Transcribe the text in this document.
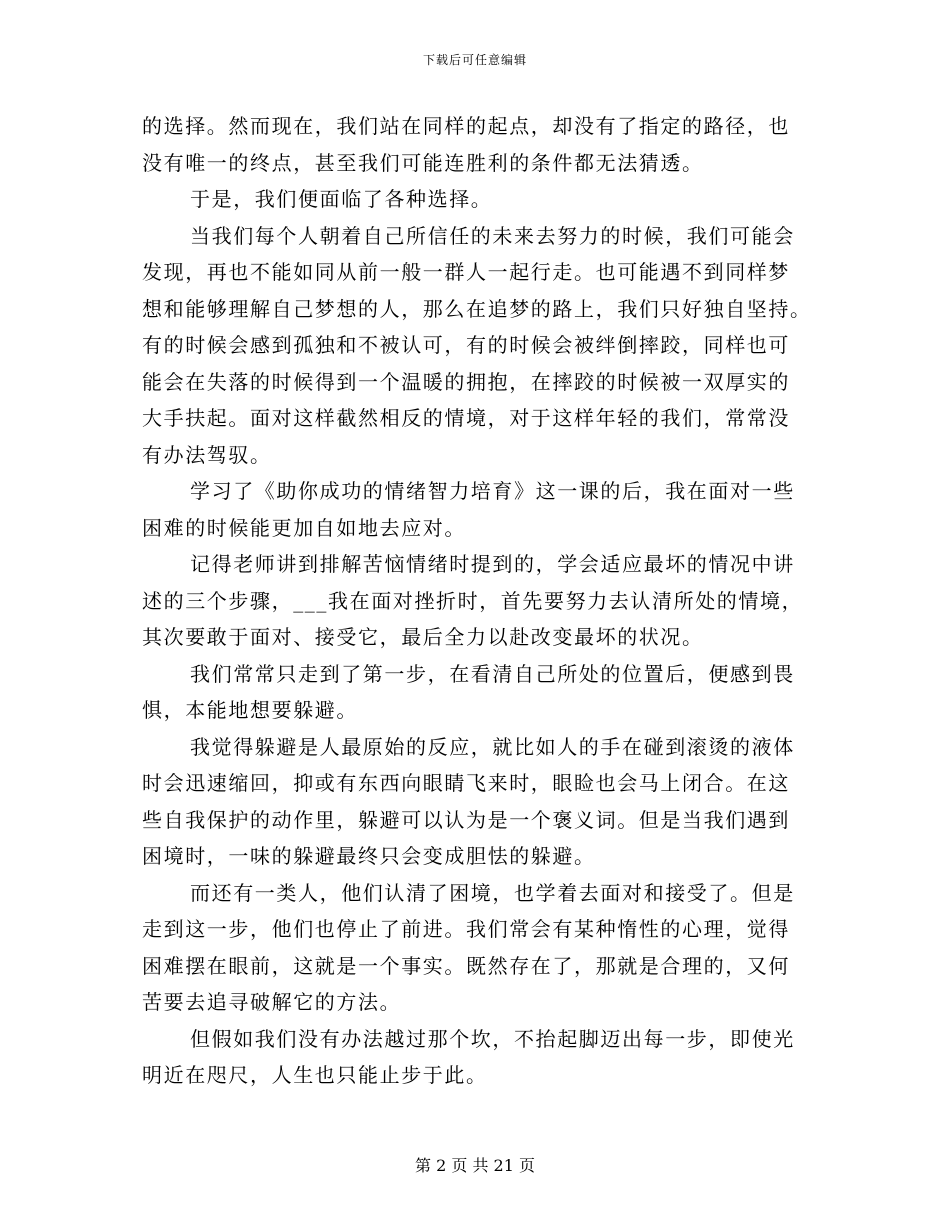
下载后可任意编辑
的选择。然而现在，我们站在同样的起点，却没有了指定的路径，也
没有唯一的终点，甚至我们可能连胜利的条件都无法猜透。
于是，我们便面临了各种选择。
当我们每个人朝着自己所信任的未来去努力的时候，我们可能会
发现，再也不能如同从前一般一群人一起行走。也可能遇不到同样梦
想和能够理解自己梦想的人，那么在追梦的路上，我们只好独自坚持。
有的时候会感到孤独和不被认可，有的时候会被绊倒摔跤，同样也可
能会在失落的时候得到一个温暖的拥抱，在摔跤的时候被一双厚实的
大手扶起。面对这样截然相反的情境，对于这样年轻的我们，常常没
有办法驾驭。
学习了《助你成功的情绪智力培育》这一课的后，我在面对一些
困难的时候能更加自如地去应对。
记得老师讲到排解苦恼情绪时提到的，学会适应最坏的情况中讲
述的三个步骤，___我在面对挫折时，首先要努力去认清所处的情境，
其次要敢于面对、接受它，最后全力以赴改变最坏的状况。
我们常常只走到了第一步，在看清自己所处的位置后，便感到畏
惧，本能地想要躲避。
我觉得躲避是人最原始的反应，就比如人的手在碰到滚烫的液体
时会迅速缩回，抑或有东西向眼睛飞来时，眼睑也会马上闭合。在这
些自我保护的动作里，躲避可以认为是一个褒义词。但是当我们遇到
困境时，一味的躲避最终只会变成胆怯的躲避。
而还有一类人，他们认清了困境，也学着去面对和接受了。但是
走到这一步，他们也停止了前进。我们常会有某种惰性的心理，觉得
困难摆在眼前，这就是一个事实。既然存在了，那就是合理的，又何
苦要去追寻破解它的方法。
但假如我们没有办法越过那个坎，不抬起脚迈出每一步，即使光
明近在咫尺，人生也只能止步于此。
第 2 页 共 21 页
